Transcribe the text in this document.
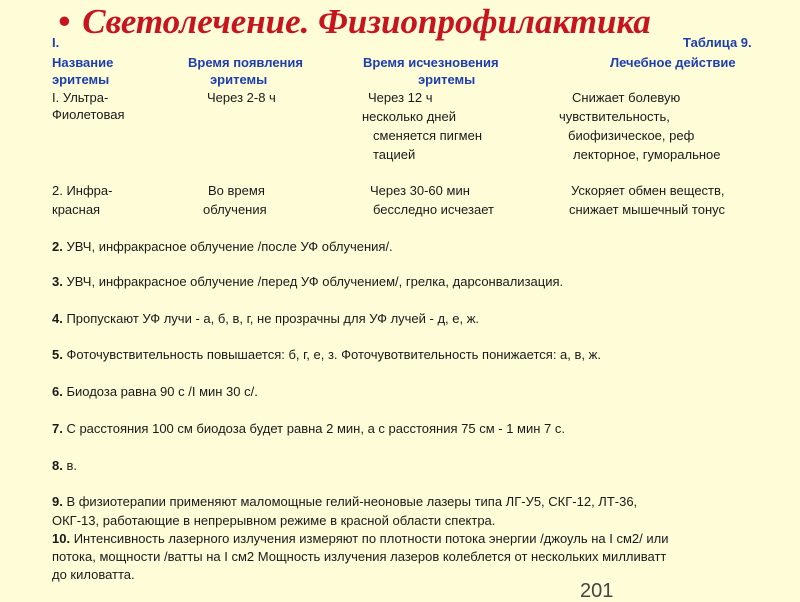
• Светолечение. Физиопрофилактика
I.	Таблица 9.
Название
эритемы
Время появления
эритемы
Время исчезновения
эритемы
Лечебное действие
I. Ультра-
Фиолетовая
Через 2-8 ч	Через 12 ч
несколько дней
сменяется пигмен
тацией
Снижает болевую
чувствительность,
биофизическое, реф
лекторное, гуморальное
2. Инфра-
красная
Во время
облучения
Через 30-60 мин
бесследно исчезает
Ускоряет обмен веществ,
снижает мышечный тонус
2. УВЧ, инфракрасное облучение /после УФ облучения/.
3. УВЧ, инфракрасное облучение /перед УФ облучением/, грелка, дарсонвализация.
4. Пропускают УФ лучи - а, б, в, г, не прозрачны для УФ лучей - д, е, ж.
5. Фоточувствительность повышается: б, г, е, з. Фоточувотвительность понижается: а, в, ж.
6. Биодоза равна 90 с /I мин 30 с/.
7. С расстояния 100 см биодоза будет равна 2 мин, а с расстояния 75 см - 1 мин 7 с.
8. в.
9. В физиотерапии применяют маломощные гелий-неоновые лазеры типа ЛГ-У5, СКГ-12, ЛТ-36,
ОКГ-13, работающие в непрерывном режиме в красной области спектра.
10. Интенсивность лазерного излучения измеряют по плотности потока энергии /джоуль на I см2/ или
потока, мощности /ватты на I см2 Мощность излучения лазеров колеблется от нескольких милливатт
до киловатта.
201
